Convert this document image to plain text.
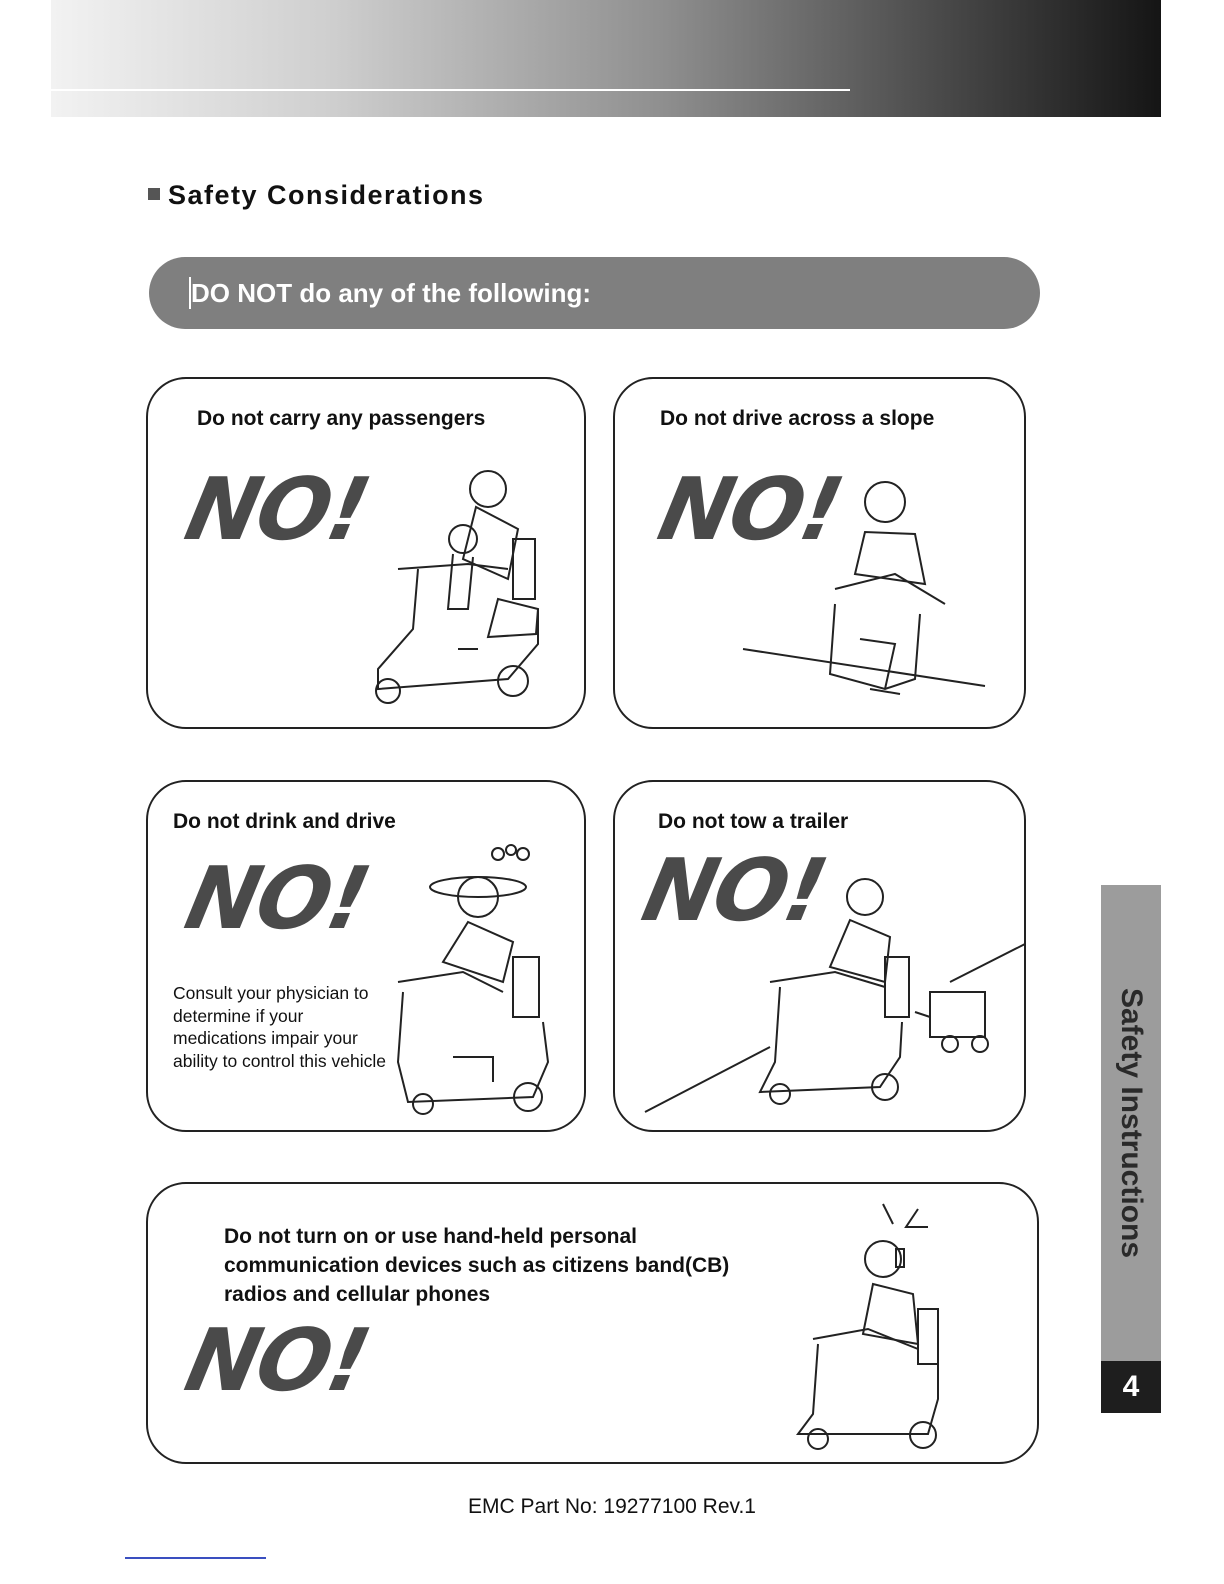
Safety Considerations
DO NOT do any of the following:
Do not carry any passengers
NO!
Do not drive across a slope
NO!
Do not drink and drive
NO!
Consult your physician to
determine if your
medications impair your
ability to control this vehicle
Do not tow a trailer
NO!
Do not turn on or use hand-held personal
communication devices such as citizens band(CB)
radios and cellular phones
NO!
Safety Instructions
4
EMC Part No: 19277100 Rev.1
